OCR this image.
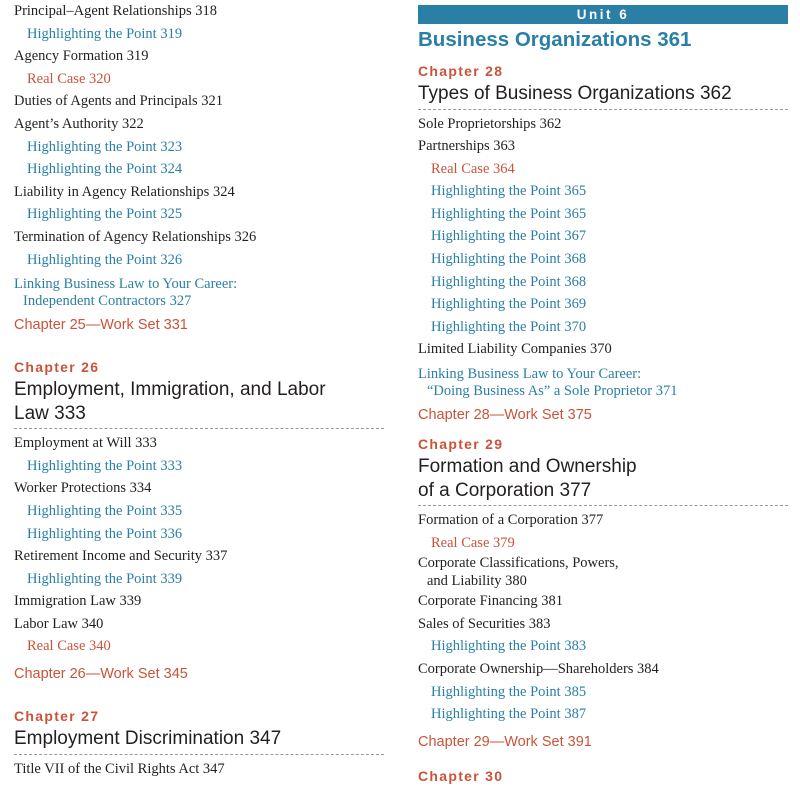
Principal–Agent Relationships 318
Highlighting the Point 319
Agency Formation 319
Real Case 320
Duties of Agents and Principals 321
Agent’s Authority 322
Highlighting the Point 323
Highlighting the Point 324
Liability in Agency Relationships 324
Highlighting the Point 325
Termination of Agency Relationships 326
Highlighting the Point 326
Linking Business Law to Your Career:
Independent Contractors 327
Chapter 25—Work Set 331
Chapter 26
Employment, Immigration, and Labor
Law 333
Employment at Will 333
Highlighting the Point 333
Worker Protections 334
Highlighting the Point 335
Highlighting the Point 336
Retirement Income and Security 337
Highlighting the Point 339
Immigration Law 339
Labor Law 340
Real Case 340
Chapter 26—Work Set 345
Chapter 27
Employment Discrimination 347
Title VII of the Civil Rights Act 347
Unit 6
Business Organizations 361
Chapter 28
Types of Business Organizations 362
Sole Proprietorships 362
Partnerships 363
Real Case 364
Highlighting the Point 365
Highlighting the Point 365
Highlighting the Point 367
Highlighting the Point 368
Highlighting the Point 368
Highlighting the Point 369
Highlighting the Point 370
Limited Liability Companies 370
Linking Business Law to Your Career:
“Doing Business As” a Sole Proprietor 371
Chapter 28—Work Set 375
Chapter 29
Formation and Ownership
of a Corporation 377
Formation of a Corporation 377
Real Case 379
Corporate Classifications, Powers,
and Liability 380
Corporate Financing 381
Sales of Securities 383
Highlighting the Point 383
Corporate Ownership—Shareholders 384
Highlighting the Point 385
Highlighting the Point 387
Chapter 29—Work Set 391
Chapter 30
